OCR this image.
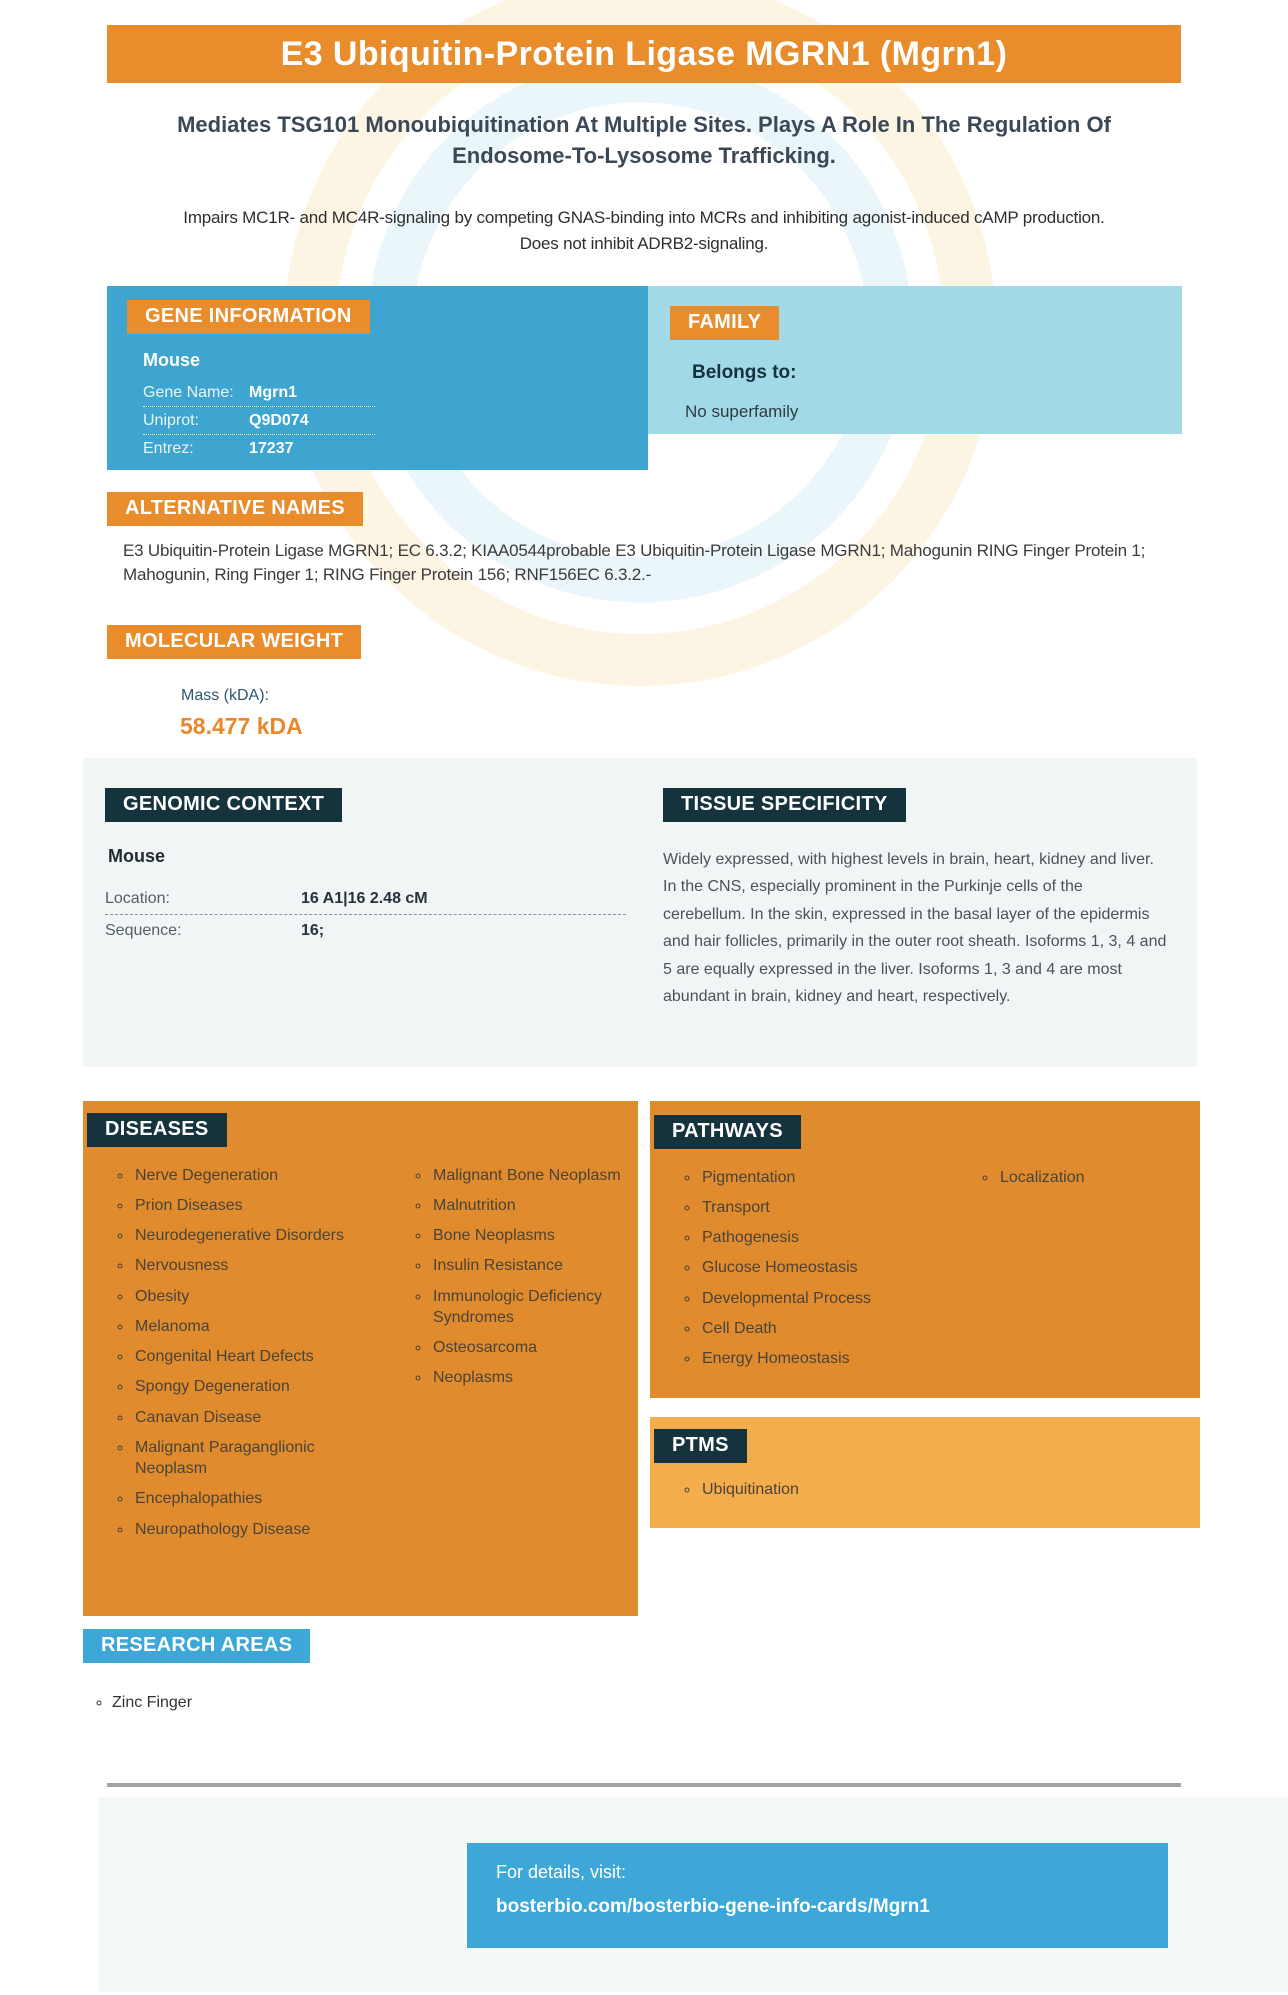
E3 Ubiquitin-Protein Ligase MGRN1 (Mgrn1)
Mediates TSG101 Monoubiquitination At Multiple Sites. Plays A Role In The Regulation Of Endosome-To-Lysosome Trafficking.
Impairs MC1R- and MC4R-signaling by competing GNAS-binding into MCRs and inhibiting agonist-induced cAMP production. Does not inhibit ADRB2-signaling.
GENE INFORMATION
Mouse
Gene Name: Mgrn1
Uniprot:	Q9D074
Entrez:	17237
FAMILY
Belongs to:
No superfamily
ALTERNATIVE NAMES
E3 Ubiquitin-Protein Ligase MGRN1; EC 6.3.2; KIAA0544probable E3 Ubiquitin-Protein Ligase MGRN1; Mahogunin RING Finger Protein 1; Mahogunin, Ring Finger 1; RING Finger Protein 156; RNF156EC 6.3.2.-
MOLECULAR WEIGHT
Mass (kDA):
58.477 kDA
GENOMIC CONTEXT
Mouse
Location:	16 A1|16 2.48 cM
Sequence:	16;
TISSUE SPECIFICITY
Widely expressed, with highest levels in brain, heart, kidney and liver. In the CNS, especially prominent in the Purkinje cells of the cerebellum. In the skin, expressed in the basal layer of the epidermis and hair follicles, primarily in the outer root sheath. Isoforms 1, 3, 4 and 5 are equally expressed in the liver. Isoforms 1, 3 and 4 are most abundant in brain, kidney and heart, respectively.
DISEASES
◦ Nerve Degeneration
◦ Prion Diseases
◦ Neurodegenerative Disorders
◦ Nervousness
◦ Obesity
◦ Melanoma
◦ Congenital Heart Defects
◦ Spongy Degeneration
◦ Canavan Disease
◦ Malignant Paraganglionic Neoplasm
◦ Encephalopathies
◦ Neuropathology Disease
◦ Malignant Bone Neoplasm
◦ Malnutrition
◦ Bone Neoplasms
◦ Insulin Resistance
◦ Immunologic Deficiency Syndromes
◦ Osteosarcoma
◦ Neoplasms
PATHWAYS
◦ Pigmentation
◦ Transport
◦ Pathogenesis
◦ Glucose Homeostasis
◦ Developmental Process
◦ Cell Death
◦ Energy Homeostasis
◦ Localization
PTMS
◦ Ubiquitination
RESEARCH AREAS
◦ Zinc Finger
For details, visit:
bosterbio.com/bosterbio-gene-info-cards/Mgrn1
